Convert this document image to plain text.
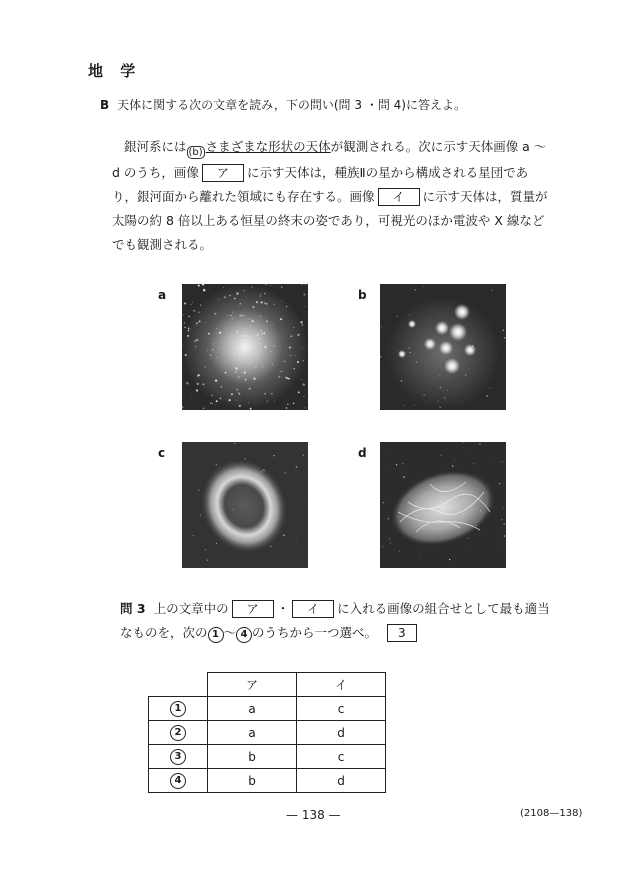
地 学
B 天体に関する次の文章を読み，下の問い(問 3 ・問 4)に答えよ。
銀河系には $_{(b)}$ さまざまな形状の天体が観測される。次に示す天体画像 a ～ d のうち，画像 ア に示す天体は，種族Ⅱの星から構成される星団であり，銀河面から離れた領域にも存在する。画像 イ に示す天体は，質量が太陽の約 8 倍以上ある恒星の終末の姿であり，可視光のほか電波や X 線などでも観測される。
a	b
c	d
問 3 上の文章中の ア ・ イ に入れる画像の組合せとして最も適当なものを，次の 1 ～ 4 のうちから一つ選べ。 3
	ア	イ
1	a	c
2	a	d
3	b	c
4	b	d
— 138 —	(2108—138)
